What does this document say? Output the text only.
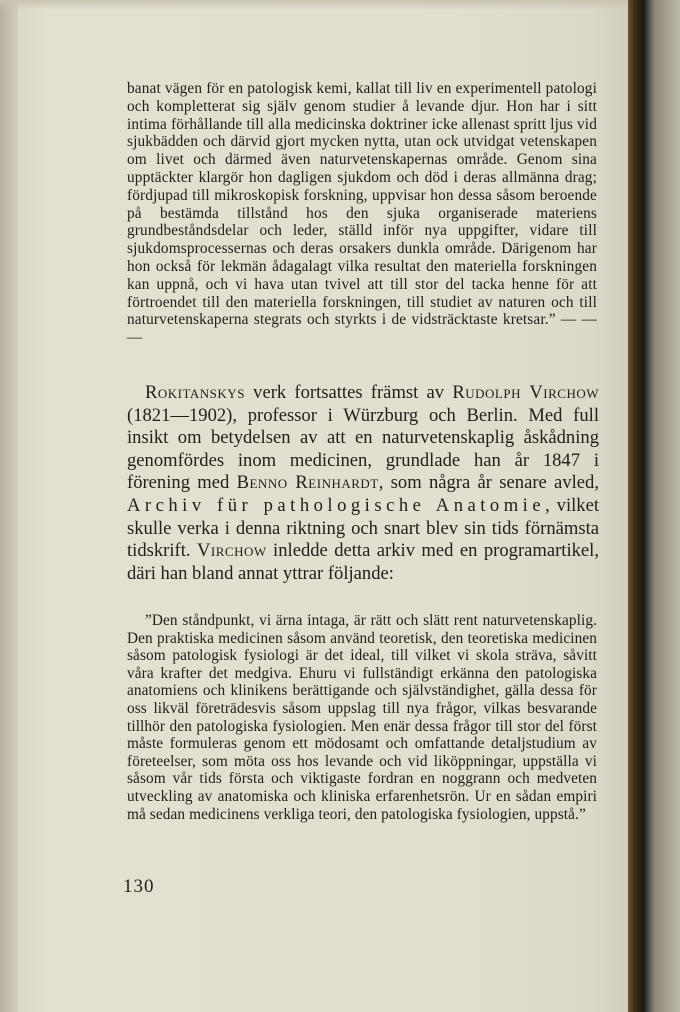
banat vägen för en patologisk kemi, kallat till liv en experimentell patologi och kompletterat sig själv genom studier å levande djur. Hon har i sitt intima förhållande till alla medicinska doktriner icke allenast spritt ljus vid sjukbädden och därvid gjort mycken nytta, utan ock utvidgat vetenskapen om livet och därmed även naturvetenskapernas område. Genom sina upptäckter klargör hon dagligen sjukdom och död i deras allmänna drag; fördjupad till mikroskopisk forskning, uppvisar hon dessa såsom beroende på bestämda tillstånd hos den sjuka organiserade materiens grundbeståndsdelar och leder, ställd inför nya uppgifter, vidare till sjukdomsprocessernas och deras orsakers dunkla område. Därigenom har hon också för lekmän ådagalagt vilka resultat den materiella forskningen kan uppnå, och vi hava utan tvivel att till stor del tacka henne för att förtroendet till den materiella forskningen, till studiet av naturen och till naturvetenskaperna stegrats och styrkts i de vidsträcktaste kretsar.” — — —

Rokitanskys verk fortsattes främst av Rudolph Virchow (1821—1902), professor i Würzburg och Berlin. Med full insikt om betydelsen av att en naturvetenskaplig åskådning genomfördes inom medicinen, grundlade han år 1847 i förening med Benno Reinhardt, som några år senare avled, Archiv für pathologische Anatomie, vilket skulle verka i denna riktning och snart blev sin tids förnämsta tidskrift. Virchow inledde detta arkiv med en programartikel, däri han bland annat yttrar följande:

”Den ståndpunkt, vi ärna intaga, är rätt och slätt rent naturvetenskaplig. Den praktiska medicinen såsom använd teoretisk, den teoretiska medicinen såsom patologisk fysiologi är det ideal, till vilket vi skola sträva, såvitt våra krafter det medgiva. Ehuru vi fullständigt erkänna den patologiska anatomiens och klinikens berättigande och självständighet, gälla dessa för oss likväl företrädesvis såsom uppslag till nya frågor, vilkas besvarande tillhör den patologiska fysiologien. Men enär dessa frågor till stor del först måste formuleras genom ett mödosamt och omfattande detaljstudium av företeelser, som möta oss hos levande och vid liköppningar, uppställa vi såsom vår tids första och viktigaste fordran en noggrann och medveten utveckling av anatomiska och kliniska erfarenhetsrön. Ur en sådan empiri må sedan medicinens verkliga teori, den patologiska fysiologien, uppstå.”

130
